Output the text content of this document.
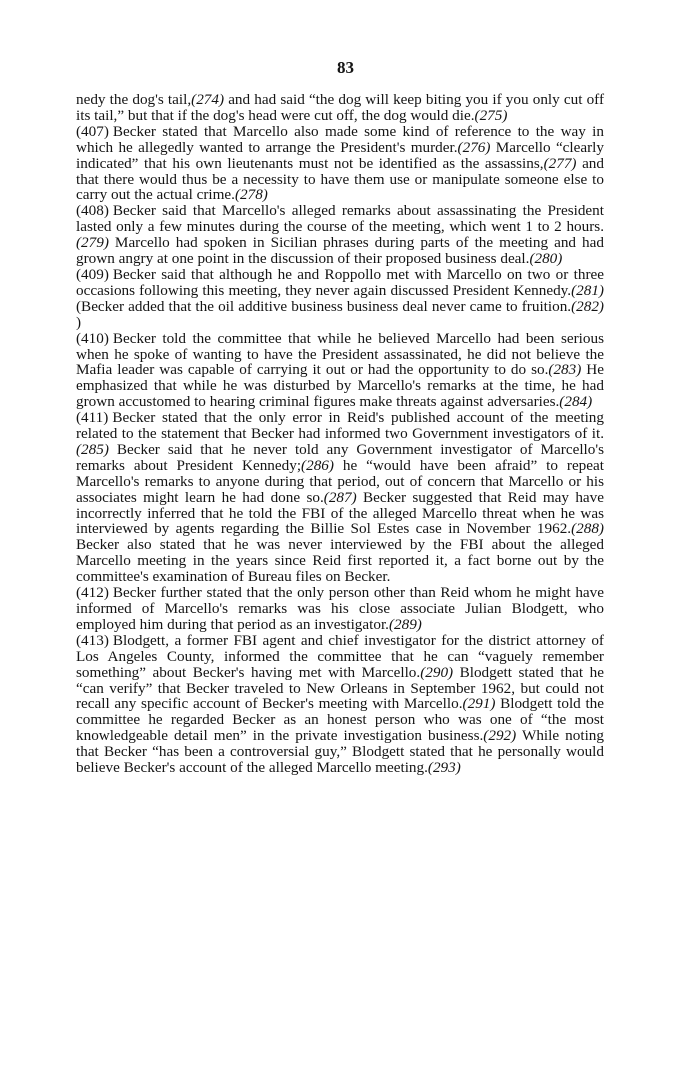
83

nedy the dog's tail,(274) and had said “the dog will keep biting you if you only cut off its tail,” but that if the dog's head were cut off, the dog would die.(275)

(407) Becker stated that Marcello also made some kind of reference to the way in which he allegedly wanted to arrange the President's murder.(276) Marcello “clearly indicated” that his own lieutenants must not be identified as the assassins,(277) and that there would thus be a necessity to have them use or manipulate someone else to carry out the actual crime.(278)

(408) Becker said that Marcello's alleged remarks about assassinating the President lasted only a few minutes during the course of the meeting, which went 1 to 2 hours.(279) Marcello had spoken in Sicilian phrases during parts of the meeting and had grown angry at one point in the discussion of their proposed business deal.(280)

(409) Becker said that although he and Roppollo met with Marcello on two or three occasions following this meeting, they never again discussed President Kennedy.(281) (Becker added that the oil additive business business deal never came to fruition.(282) )

(410) Becker told the committee that while he believed Marcello had been serious when he spoke of wanting to have the President assassinated, he did not believe the Mafia leader was capable of carrying it out or had the opportunity to do so.(283) He emphasized that while he was disturbed by Marcello's remarks at the time, he had grown accustomed to hearing criminal figures make threats against adversaries.(284)

(411) Becker stated that the only error in Reid's published account of the meeting related to the statement that Becker had informed two Government investigators of it.(285) Becker said that he never told any Government investigator of Marcello's remarks about President Kennedy;(286) he “would have been afraid” to repeat Marcello's remarks to anyone during that period, out of concern that Marcello or his associates might learn he had done so.(287) Becker suggested that Reid may have incorrectly inferred that he told the FBI of the alleged Marcello threat when he was interviewed by agents regarding the Billie Sol Estes case in November 1962.(288) Becker also stated that he was never interviewed by the FBI about the alleged Marcello meeting in the years since Reid first reported it, a fact borne out by the committee's examination of Bureau files on Becker.

(412) Becker further stated that the only person other than Reid whom he might have informed of Marcello's remarks was his close associate Julian Blodgett, who employed him during that period as an investigator.(289)

(413) Blodgett, a former FBI agent and chief investigator for the district attorney of Los Angeles County, informed the committee that he can “vaguely remember something” about Becker's having met with Marcello.(290) Blodgett stated that he “can verify” that Becker traveled to New Orleans in September 1962, but could not recall any specific account of Becker's meeting with Marcello.(291) Blodgett told the committee he regarded Becker as an honest person who was one of “the most knowledgeable detail men” in the private investigation business.(292) While noting that Becker “has been a controversial guy,” Blodgett stated that he personally would believe Becker's account of the alleged Marcello meeting.(293)
